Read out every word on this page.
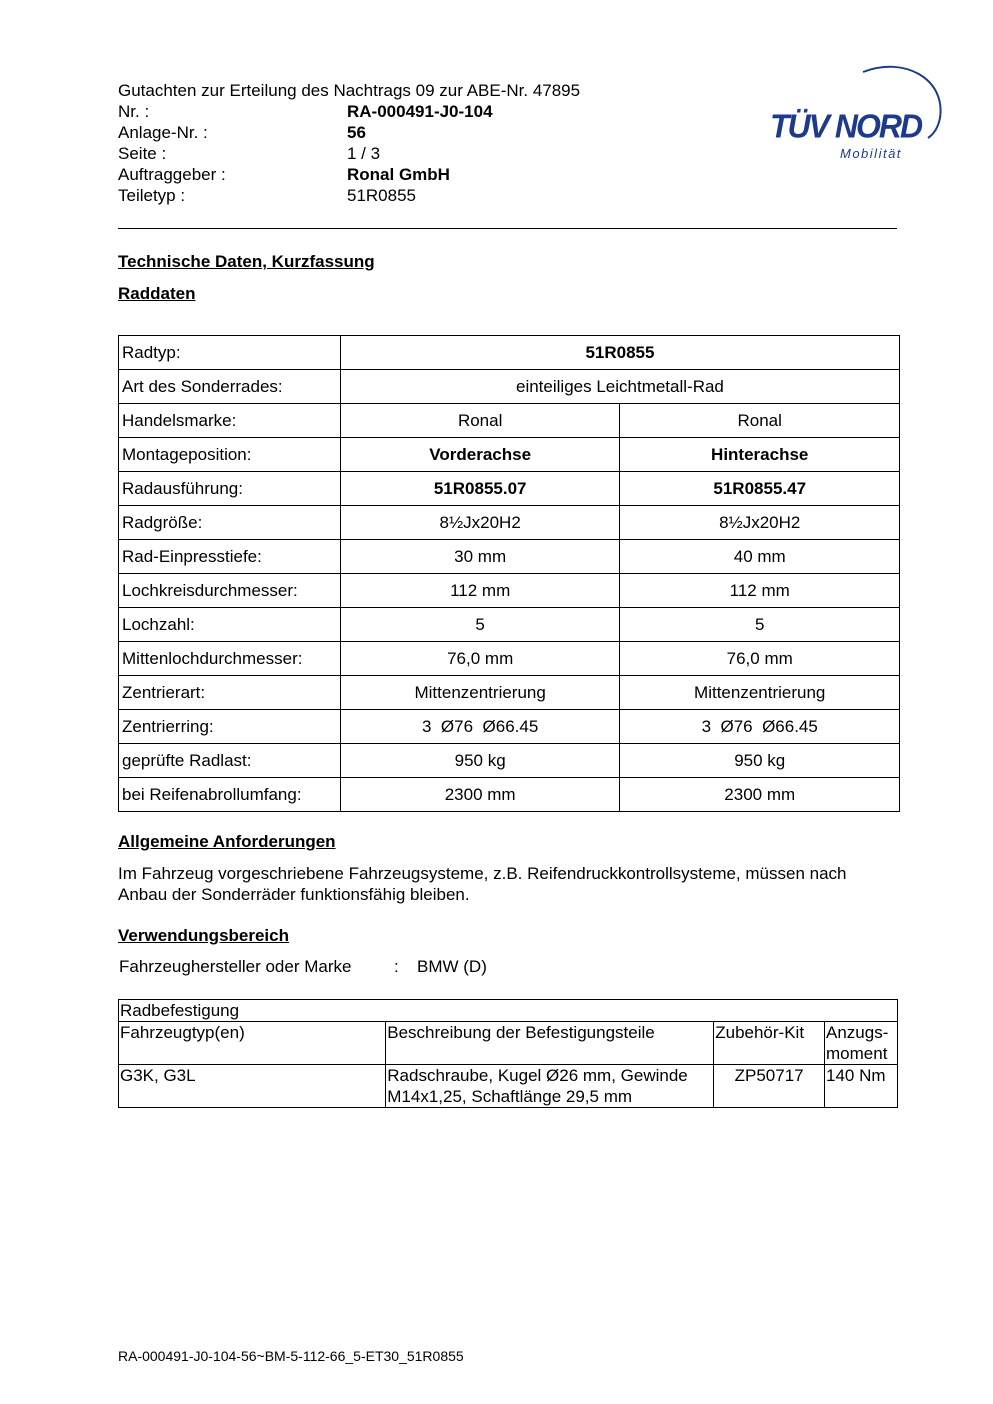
Gutachten zur Erteilung des Nachtrags 09 zur ABE-Nr. 47895
Nr. :	RA-000491-J0-104
Anlage-Nr. :	56
Seite :	1 / 3
Auftraggeber :	Ronal GmbH
Teiletyp :	51R0855
TÜV NORD
Mobilität
Technische Daten, Kurzfassung
Raddaten
Radtyp:	51R0855	
Art des Sonderrades:	einteiliges Leichtmetall-Rad	
Handelsmarke:	Ronal	Ronal
Montageposition:	Vorderachse	Hinterachse
Radausführung:	51R0855.07	51R0855.47
Radgröße:	8½Jx20H2	8½Jx20H2
Rad-Einpresstiefe:	30 mm	40 mm
Lochkreisdurchmesser:	112 mm	112 mm
Lochzahl:	5	5
Mittenlochdurchmesser:	76,0 mm	76,0 mm
Zentrierart:	Mittenzentrierung	Mittenzentrierung
Zentrierring:	3  Ø76  Ø66.45	3  Ø76  Ø66.45
geprüfte Radlast:	950 kg	950 kg
bei Reifenabrollumfang:	2300 mm	2300 mm
Allgemeine Anforderungen
Im Fahrzeug vorgeschriebene Fahrzeugsysteme, z.B. Reifendruckkontrollsysteme, müssen nach Anbau der Sonderräder funktionsfähig bleiben.
Verwendungsbereich
Fahrzeughersteller oder Marke	:	BMW (D)
Radbefestigung			
Fahrzeugtyp(en)	Beschreibung der Befestigungsteile	Zubehör-Kit	Anzugs-moment
G3K, G3L	Radschraube, Kugel Ø26 mm, Gewinde M14x1,25, Schaftlänge 29,5 mm	ZP50717	140 Nm
RA-000491-J0-104-56~BM-5-112-66_5-ET30_51R0855
